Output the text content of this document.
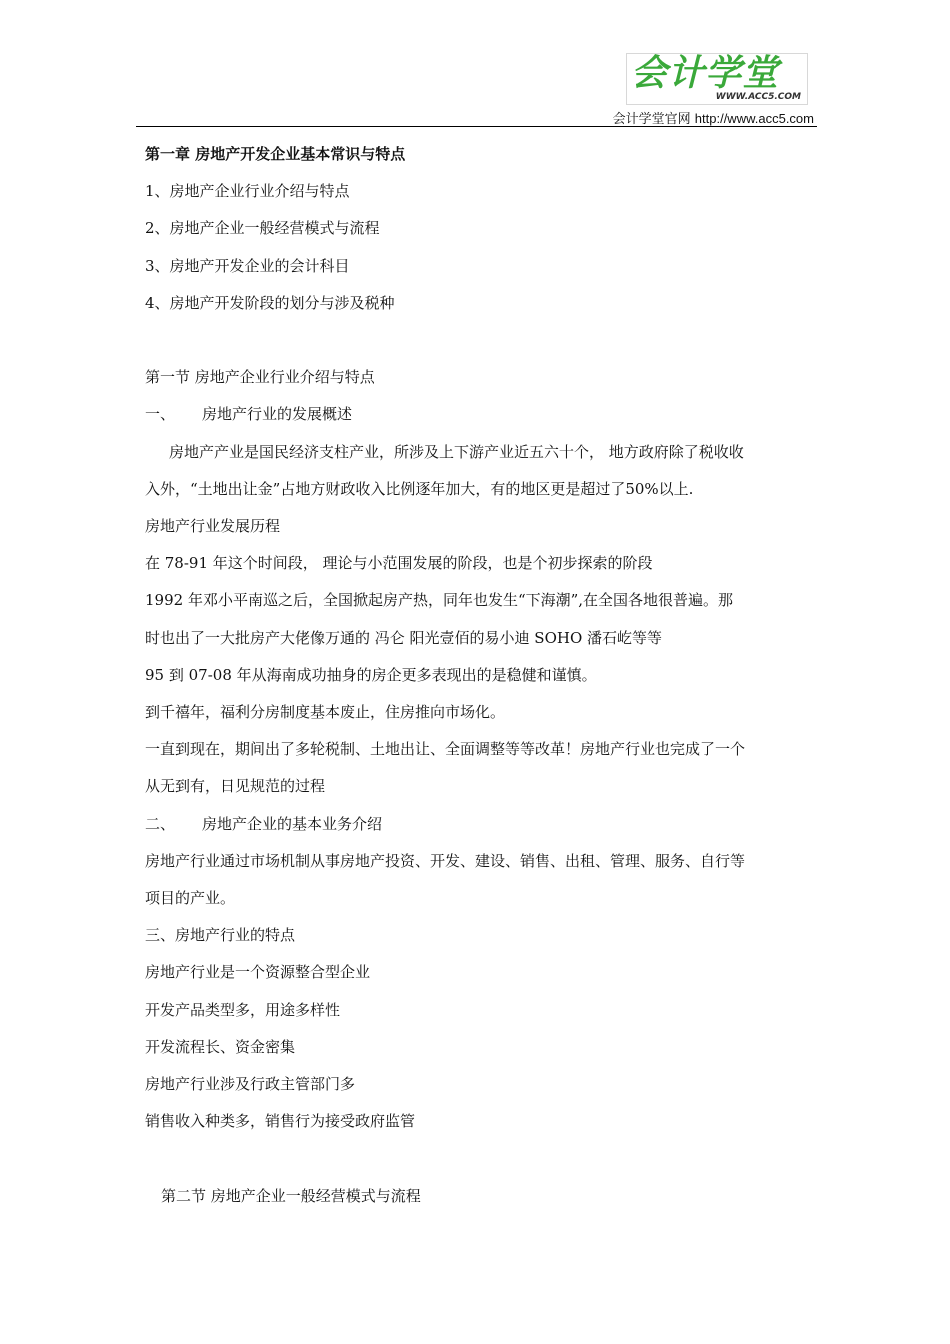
会计学堂
WWW.ACC5.COM
会计学堂官网 http://www.acc5.com

第一章 房地产开发企业基本常识与特点

1、房地产企业行业介绍与特点

2、房地产企业一般经营模式与流程

3、房地产开发企业的会计科目

4、房地产开发阶段的划分与涉及税种

第一节 房地产企业行业介绍与特点

一、 房地产行业的发展概述

房地产产业是国民经济支柱产业，所涉及上下游产业近五六十个， 地方政府除了税收收

入外，“土地出让金”占地方财政收入比例逐年加大，有的地区更是超过了50%以上.

房地产行业发展历程

在 78-91 年这个时间段， 理论与小范围发展的阶段，也是个初步探索的阶段

1992 年邓小平南巡之后，全国掀起房产热，同年也发生“下海潮”,在全国各地很普遍。那

时也出了一大批房产大佬像万通的 冯仑 阳光壹佰的易小迪 SOHO 潘石屹等等

95 到 07-08 年从海南成功抽身的房企更多表现出的是稳健和谨慎。

到千禧年，福利分房制度基本废止，住房推向市场化。

一直到现在，期间出了多轮税制、土地出让、全面调整等等改革！房地产行业也完成了一个

从无到有，日见规范的过程

二、 房地产企业的基本业务介绍

房地产行业通过市场机制从事房地产投资、开发、建设、销售、出租、管理、服务、自行等

项目的产业。

三、房地产行业的特点

房地产行业是一个资源整合型企业

开发产品类型多，用途多样性

开发流程长、资金密集

房地产行业涉及行政主管部门多

销售收入种类多，销售行为接受政府监管

第二节 房地产企业一般经营模式与流程
